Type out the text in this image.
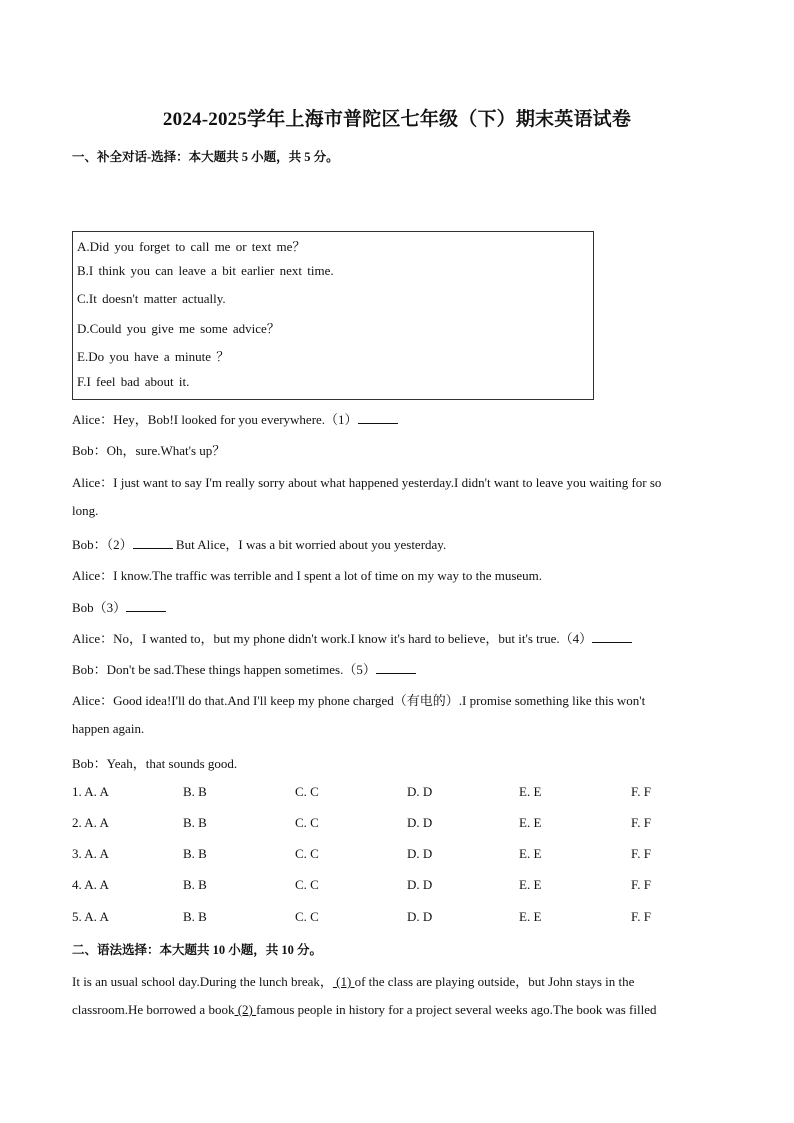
2024-2025学年上海市普陀区七年级（下）期末英语试卷
一、补全对话-选择：本大题共 5 小题，共 5 分。
A.Did you forget to call me or text me？
B.I think you can leave a bit earlier next time.
C.It doesn't matter actually.
D.Could you give me some advice？
E.Do you have a minute ？
F.I feel bad about it.
Alice：Hey，Bob!I looked for you everywhere.（1）
Bob：Oh，sure.What's up？
Alice：I just want to say I'm really sorry about what happened yesterday.I didn't want to leave you waiting for so
long.
Bob：（2）	But Alice，I was a bit worried about you yesterday.
Alice：I know.The traffic was terrible and I spent a lot of time on my way to the museum.
Bob（3）
Alice：No，I wanted to，but my phone didn't work.I know it's hard to believe，but it's true.（4）
Bob：Don't be sad.These things happen sometimes.（5）
Alice：Good idea!I'll do that.And I'll keep my phone charged（有电的）.I promise something like this won't
happen again.
Bob：Yeah，that sounds good.
1. A. A	B. B	C. C	D. D	E. E	F. F
2. A. A	B. B	C. C	D. D	E. E	F. F
3. A. A	B. B	C. C	D. D	E. E	F. F
4. A. A	B. B	C. C	D. D	E. E	F. F
5. A. A	B. B	C. C	D. D	E. E	F. F
二、语法选择：本大题共 10 小题，共 10 分。
It is an usual school day.During the lunch break， (1) of the class are playing outside，but John stays in the
classroom.He borrowed a book (2) famous people in history for a project several weeks ago.The book was filled
